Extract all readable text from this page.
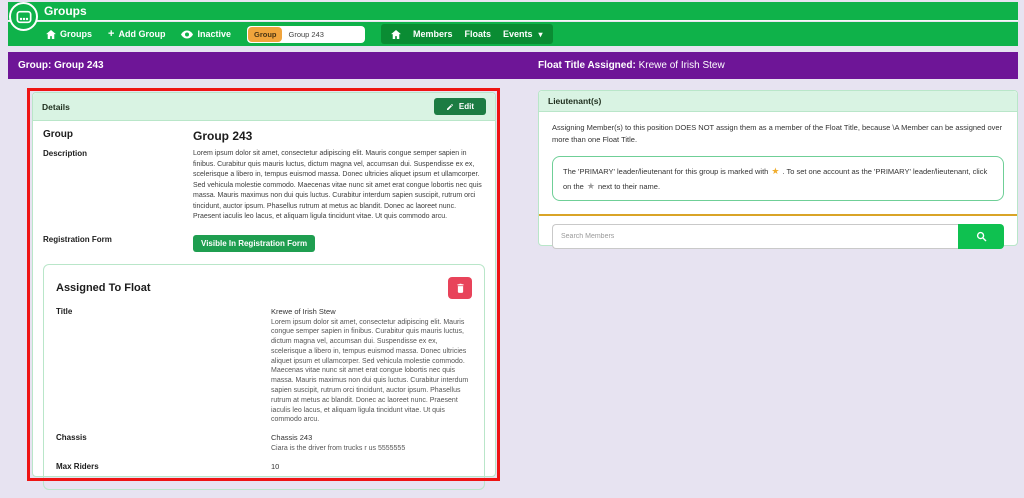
Groups
Groups + Add Group	Inactive	Group
Group 243	Members Floats Events ▾
Group: Group 243	Float Title Assigned: Krewe of Irish Stew
Details	Edit
Group	Group 243
Description	Lorem ipsum dolor sit amet, consectetur adipiscing elit. Mauris congue semper sapien in finibus. Curabitur quis mauris luctus, dictum magna vel, accumsan dui. Suspendisse ex ex, scelerisque a libero in, tempus euismod massa. Donec ultricies aliquet ipsum et ullamcorper. Sed vehicula molestie commodo. Maecenas vitae nunc sit amet erat congue lobortis nec quis massa. Mauris maximus non dui quis luctus. Curabitur interdum sapien suscipit, rutrum orci tincidunt, auctor ipsum. Phasellus rutrum at metus ac blandit. Donec ac laoreet nunc. Praesent iaculis leo lacus, et aliquam ligula tincidunt vitae. Ut quis commodo arcu.
Registration Form	Visible In Registration Form
Assigned To Float
Title	Krewe of Irish Stew
Lorem ipsum dolor sit amet, consectetur adipiscing elit. Mauris congue semper sapien in finibus. Curabitur quis mauris luctus, dictum magna vel, accumsan dui. Suspendisse ex ex, scelerisque a libero in, tempus euismod massa. Donec ultricies aliquet ipsum et ullamcorper. Sed vehicula molestie commodo. Maecenas vitae nunc sit amet erat congue lobortis nec quis massa. Mauris maximus non dui quis luctus. Curabitur interdum sapien suscipit, rutrum orci tincidunt, auctor ipsum. Phasellus rutrum at metus ac blandit. Donec ac laoreet nunc. Praesent iaculis leo lacus, et aliquam ligula tincidunt vitae. Ut quis commodo arcu.
Chassis	Chassis 243
Ciara is the driver from trucks r us 5555555
Max Riders	10
Lieutenant(s)

Assigning Member(s) to this position DOES NOT assign them as a member of the Float Title, because \A Member can be assigned over more than one Float Title.

The 'PRIMARY' leader/lieutenant for this group is marked with ★ . To set one account as the 'PRIMARY' leader/lieutenant, click on the ★ next to their name.
Search Members
